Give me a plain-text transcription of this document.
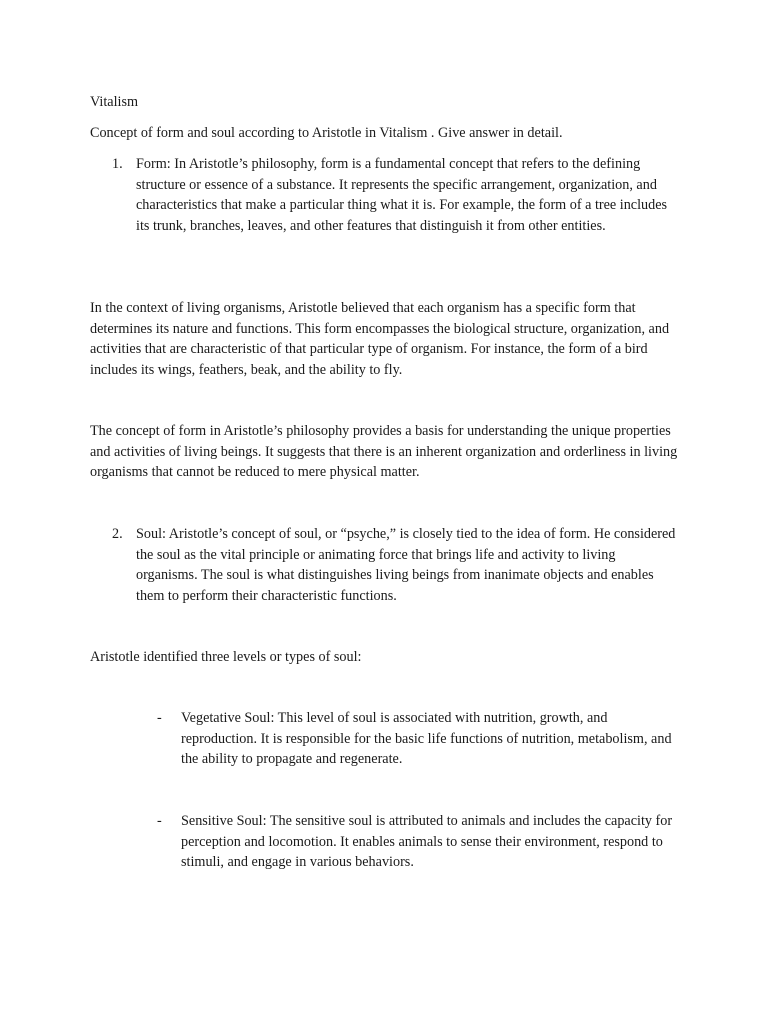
Vitalism

Concept of form and soul according to Aristotle in Vitalism . Give answer in detail.

1. Form: In Aristotle’s philosophy, form is a fundamental concept that refers to the defining structure or essence of a substance. It represents the specific arrangement, organization, and characteristics that make a particular thing what it is. For example, the form of a tree includes its trunk, branches, leaves, and other features that distinguish it from other entities.

In the context of living organisms, Aristotle believed that each organism has a specific form that determines its nature and functions. This form encompasses the biological structure, organization, and activities that are characteristic of that particular type of organism. For instance, the form of a bird includes its wings, feathers, beak, and the ability to fly.

The concept of form in Aristotle’s philosophy provides a basis for understanding the unique properties and activities of living beings. It suggests that there is an inherent organization and orderliness in living organisms that cannot be reduced to mere physical matter.

2. Soul: Aristotle’s concept of soul, or “psyche,” is closely tied to the idea of form. He considered the soul as the vital principle or animating force that brings life and activity to living organisms. The soul is what distinguishes living beings from inanimate objects and enables them to perform their characteristic functions.

Aristotle identified three levels or types of soul:

- Vegetative Soul: This level of soul is associated with nutrition, growth, and reproduction. It is responsible for the basic life functions of nutrition, metabolism, and the ability to propagate and regenerate.

- Sensitive Soul: The sensitive soul is attributed to animals and includes the capacity for perception and locomotion. It enables animals to sense their environment, respond to stimuli, and engage in various behaviors.
